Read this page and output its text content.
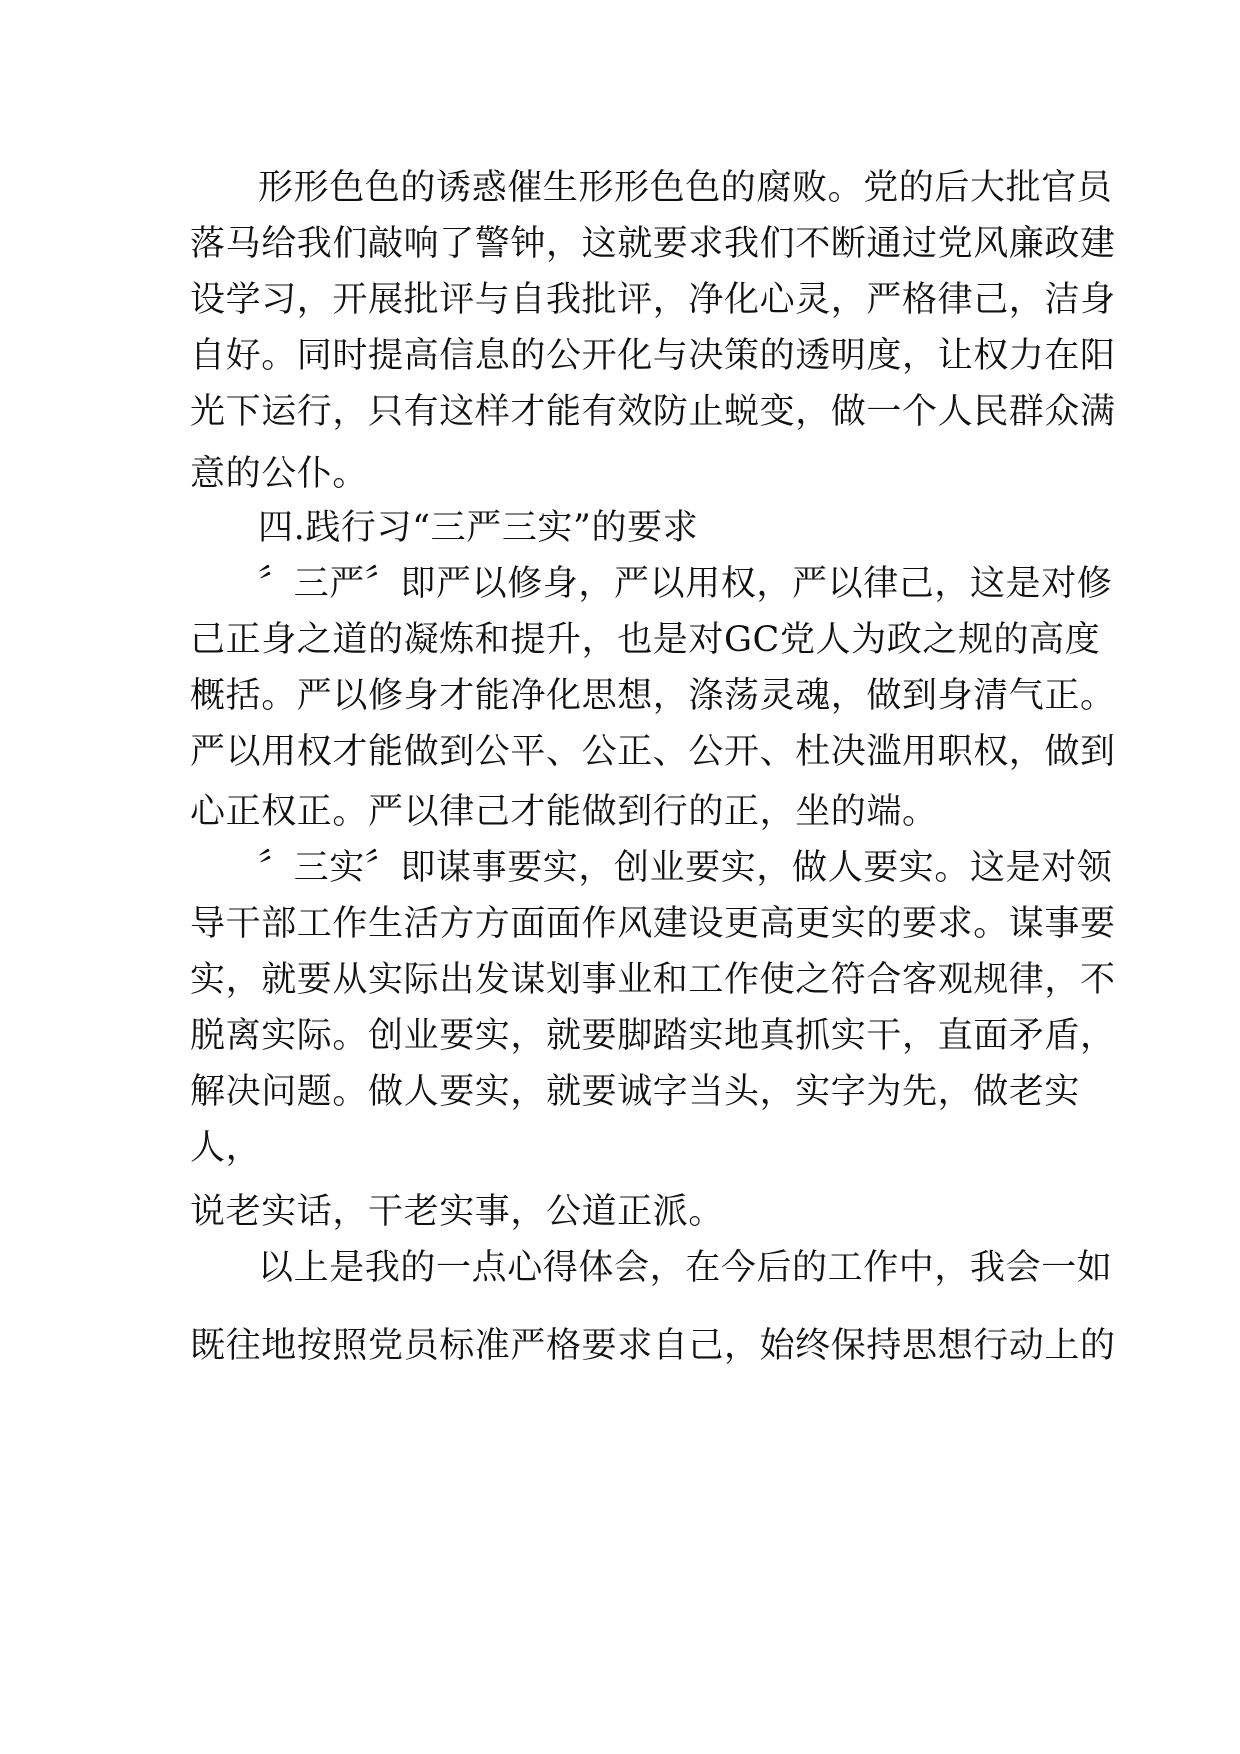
形形色色的诱惑催生形形色色的腐败。党的后大批官员
落马给我们敲响了警钟，这就要求我们不断通过党风廉政建
设学习，开展批评与自我批评，净化心灵，严格律己，洁身
自好。同时提高信息的公开化与决策的透明度，让权力在阳
光下运行，只有这样才能有效防止蜕变，做一个人民群众满
意的公仆。
四.践行习“三严三实”的要求
〞三严〞即严以修身，严以用权，严以律己，这是对修
己正身之道的凝炼和提升，也是对GC党人为政之规的高度
概括。严以修身才能净化思想，涤荡灵魂，做到身清气正。
严以用权才能做到公平、公正、公开、杜决滥用职权，做到
心正权正。严以律己才能做到行的正，坐的端。
〞三实〞即谋事要实，创业要实，做人要实。这是对领
导干部工作生活方方面面作风建设更高更实的要求。谋事要
实，就要从实际出发谋划事业和工作使之符合客观规律，不
脱离实际。创业要实，就要脚踏实地真抓实干，直面矛盾，
解决问题。做人要实，就要诚字当头，实字为先，做老实
人，
说老实话，干老实事，公道正派。
以上是我的一点心得体会，在今后的工作中，我会一如
既往地按照党员标准严格要求自己，始终保持思想行动上的
